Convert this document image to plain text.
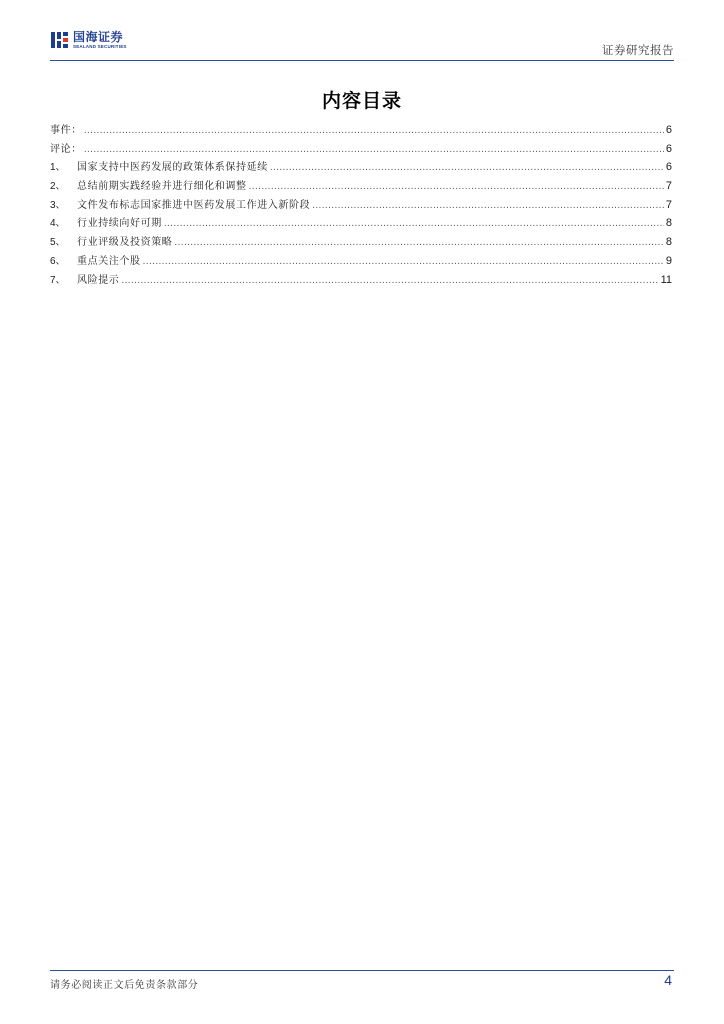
国海证券
SEALAND SECURITIES	证券研究报告
内容目录
事件： .....	6
评论： .....	6
1、	国家支持中医药发展的政策体系保持延续 .....	6
2、	总结前期实践经验并进行细化和调整 .....	7
3、	文件发布标志国家推进中医药发展工作进入新阶段 .....	7
4、	行业持续向好可期 .....	8
5、	行业评级及投资策略 .....	8
6、	重点关注个股 .....	9
7、	风险提示 .....	11
请务必阅读正文后免责条款部分	4
